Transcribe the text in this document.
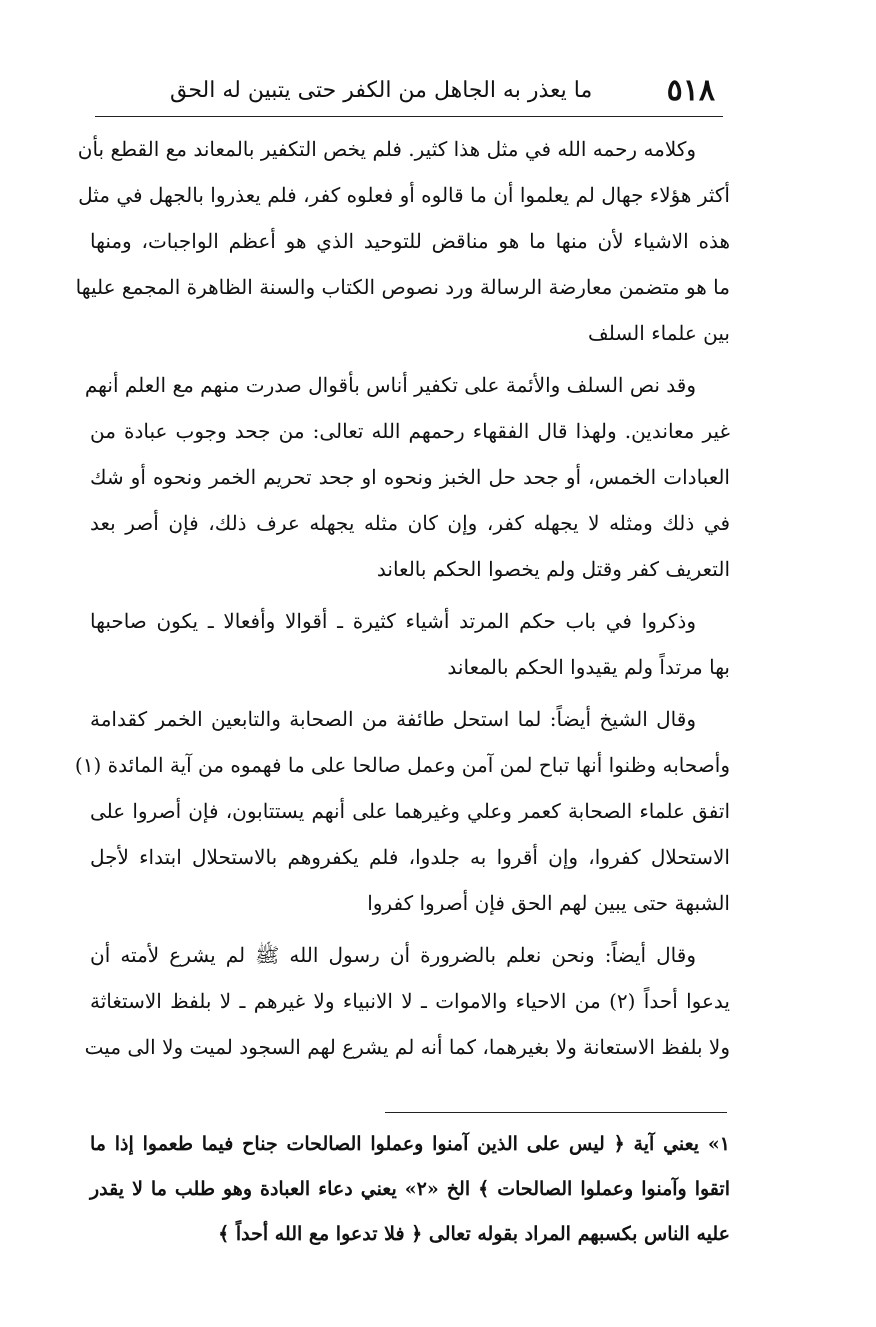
٥١٨
ما يعذر به الجاهل من الكفر حتى يتبين له الحق
وكلامه رحمه الله في مثل هذا كثير. فلم يخص التكفير بالمعاند مع القطع بأن
أكثر هؤلاء جهال لم يعلموا أن ما قالوه أو فعلوه كفر، فلم يعذروا بالجهل في مثل
هذه الاشياء لأن منها ما هو مناقض للتوحيد الذي هو أعظم الواجبات، ومنها
ما هو متضمن معارضة الرسالة ورد نصوص الكتاب والسنة الظاهرة المجمع عليها
بين علماء السلف
وقد نص السلف والأئمة على تكفير أناس بأقوال صدرت منهم مع العلم أنهم
غير معاندين. ولهذا قال الفقهاء رحمهم الله تعالى: من جحد وجوب عبادة من
العبادات الخمس، أو جحد حل الخبز ونحوه او جحد تحريم الخمر ونحوه أو شك
في ذلك ومثله لا يجهله كفر، وإن كان مثله يجهله عرف ذلك، فإن أصر بعد
التعريف كفر وقتل ولم يخصوا الحكم بالعاند
وذكروا في باب حكم المرتد أشياء كثيرة ـ أقوالا وأفعالا ـ يكون صاحبها
بها مرتداً ولم يقيدوا الحكم بالمعاند
وقال الشيخ أيضاً: لما استحل طائفة من الصحابة والتابعين الخمر كقدامة
وأصحابه وظنوا أنها تباح لمن آمن وعمل صالحا على ما فهموه من آية المائدة (١)
اتفق علماء الصحابة كعمر وعلي وغيرهما على أنهم يستتابون، فإن أصروا على
الاستحلال كفروا، وإن أقروا به جلدوا، فلم يكفروهم بالاستحلال ابتداء لأجل
الشبهة حتى يبين لهم الحق فإن أصروا كفروا
وقال أيضاً: ونحن نعلم بالضرورة أن رسول الله ﷺ لم يشرع لأمته أن
يدعوا أحداً (٢) من الاحياء والاموات ـ لا الانبياء ولا غيرهم ـ لا بلفظ الاستغاثة
ولا بلفظ الاستعانة ولا بغيرهما، كما أنه لم يشرع لهم السجود لميت ولا الى ميت
١» يعني آية ﴿ ليس على الذين آمنوا وعملوا الصالحات جناح فيما طعموا إذا ما
اتقوا وآمنوا وعملوا الصالحات ﴾ الخ «٢» يعني دعاء العبادة وهو طلب ما لا يقدر
عليه الناس بكسبهم المراد بقوله تعالى ﴿ فلا تدعوا مع الله أحداً ﴾
